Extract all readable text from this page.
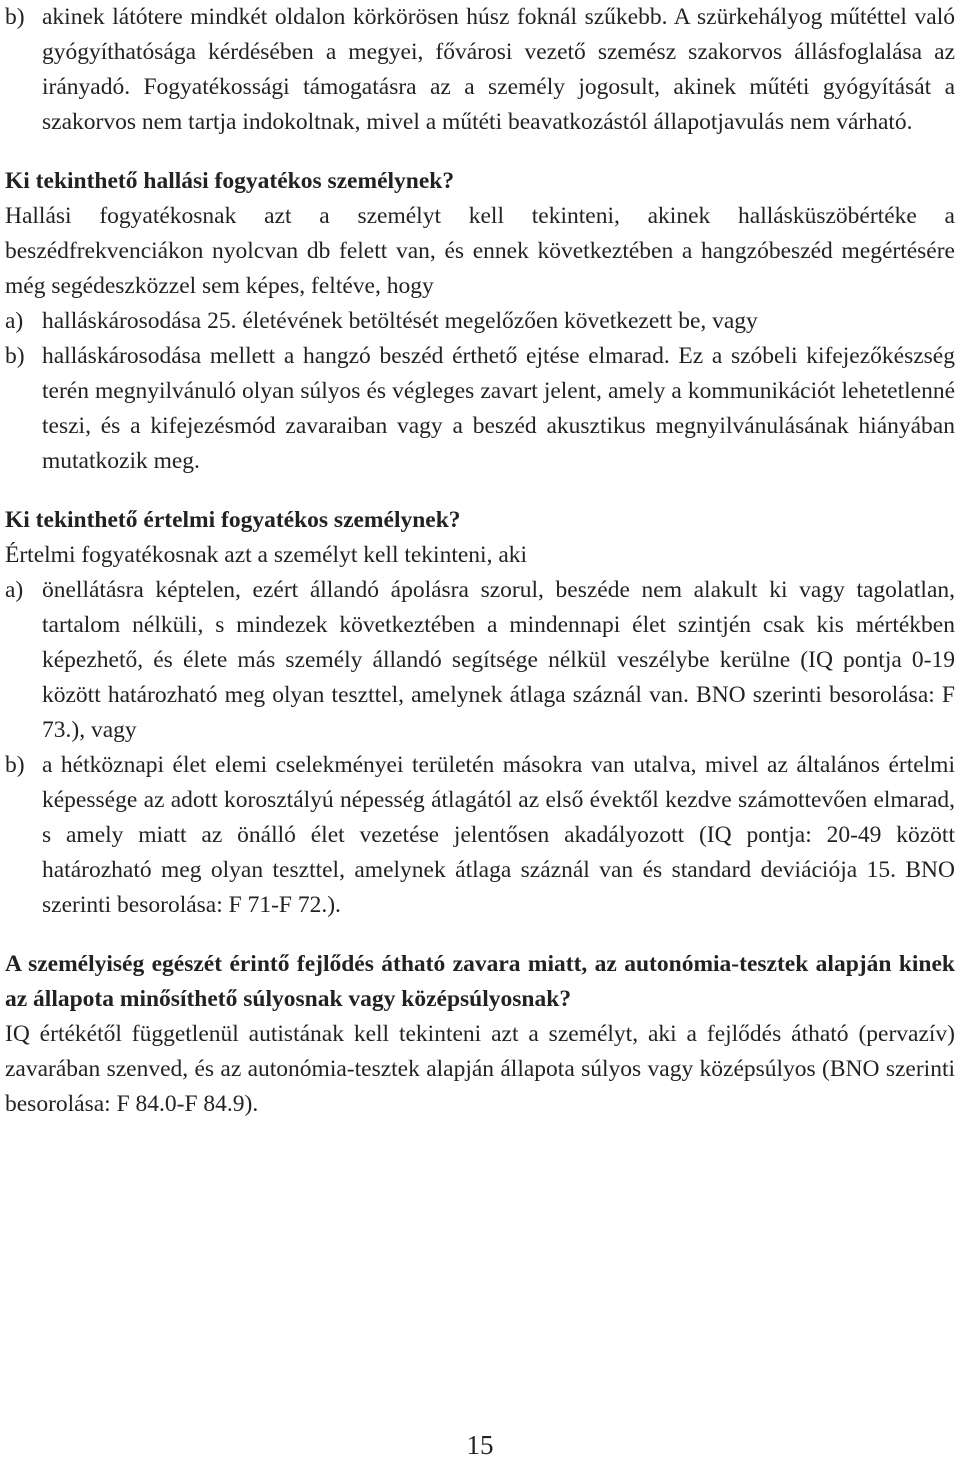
b) akinek látótere mindkét oldalon körkörösen húsz foknál szűkebb. A szürkehályog műtéttel való gyógyíthatósága kérdésében a megyei, fővárosi vezető szemész szakorvos állásfoglalása az irányadó. Fogyatékossági támogatásra az a személy jogosult, akinek műtéti gyógyítását a szakorvos nem tartja indokoltnak, mivel a műtéti beavatkozástól állapotjavulás nem várható.
Ki tekinthető hallási fogyatékos személynek?

Hallási fogyatékosnak azt a személyt kell tekinteni, akinek hallásküszöbértéke a beszédfrekvenciákon nyolcvan db felett van, és ennek következtében a hangzóbeszéd megértésére még segédeszközzel sem képes, feltéve, hogy

a) halláskárosodása 25. életévének betöltését megelőzően következett be, vagy
b) halláskárosodása mellett a hangzó beszéd érthető ejtése elmarad. Ez a szóbeli kifejezőkészség terén megnyilvánuló olyan súlyos és végleges zavart jelent, amely a kommunikációt lehetetlenné teszi, és a kifejezésmód zavaraiban vagy a beszéd akusztikus megnyilvánulásának hiányában mutatkozik meg.
Ki tekinthető értelmi fogyatékos személynek?

Értelmi fogyatékosnak azt a személyt kell tekinteni, aki

a) önellátásra képtelen, ezért állandó ápolásra szorul, beszéde nem alakult ki vagy tagolatlan, tartalom nélküli, s mindezek következtében a mindennapi élet szintjén csak kis mértékben képezhető, és élete más személy állandó segítsége nélkül veszélybe kerülne (IQ pontja 0-19 között határozható meg olyan teszttel, amelynek átlaga száznál van. BNO szerinti besorolása: F 73.), vagy
b) a hétköznapi élet elemi cselekményei területén másokra van utalva, mivel az általános értelmi képessége az adott korosztályú népesség átlagától az első évektől kezdve számottevően elmarad, s amely miatt az önálló élet vezetése jelentősen akadályozott (IQ pontja: 20-49 között határozható meg olyan teszttel, amelynek átlaga száznál van és standard deviációja 15. BNO szerinti besorolása: F 71-F 72.).
A személyiség egészét érintő fejlődés átható zavara miatt, az autonómia-tesztek alapján kinek az állapota minősíthető súlyosnak vagy középsúlyosnak?

IQ értékétől függetlenül autistának kell tekinteni azt a személyt, aki a fejlődés átható (pervazív) zavarában szenved, és az autonómia-tesztek alapján állapota súlyos vagy középsúlyos (BNO szerinti besorolása: F 84.0-F 84.9).

15
